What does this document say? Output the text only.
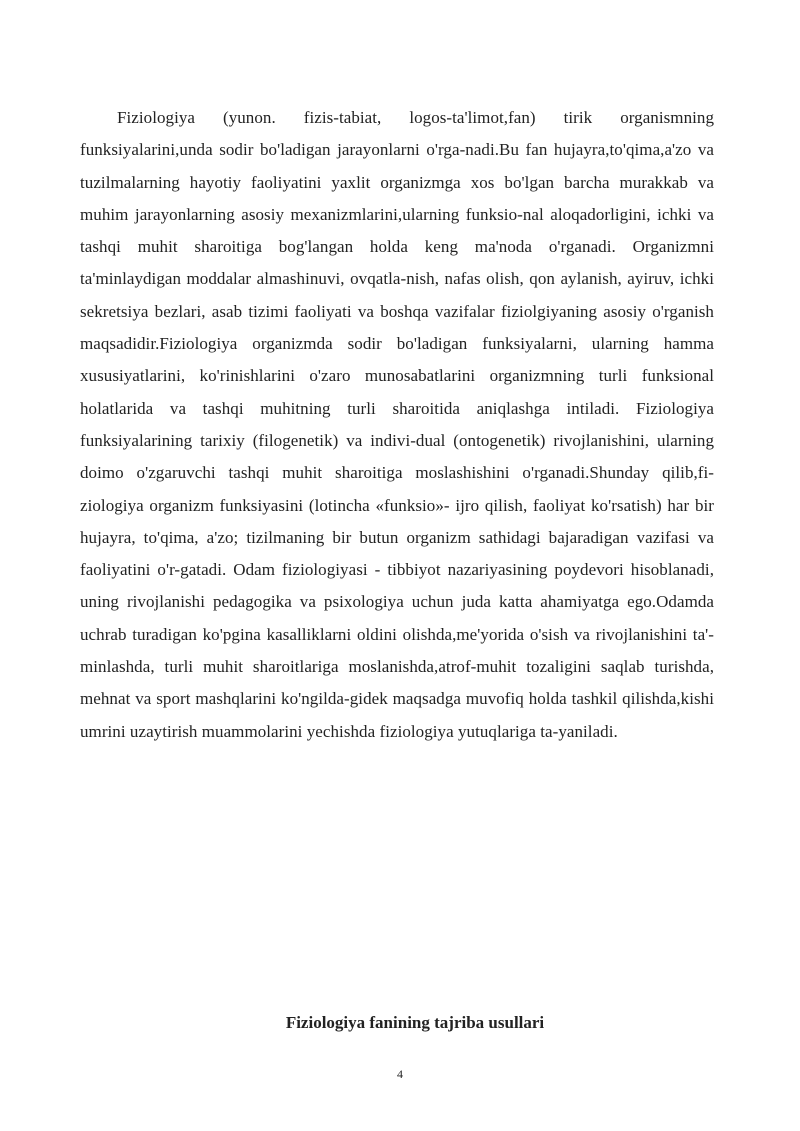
Fiziologiya (yunon. fizis-tabiat, logos-ta'limot,fan) tirik organismning funksiyalarini,unda sodir bo'ladigan jarayonlarni o'rga-nadi.Bu fan hujayra,to'qima,a'zo va tuzilmalarning hayotiy faoliyatini yaxlit organizmga xos bo'lgan barcha murakkab va muhim jarayonlarning asosiy mexanizmlarini,ularning funksio-nal aloqadorligini, ichki va tashqi muhit sharoitiga bog'langan holda keng ma'noda o'rganadi. Organizmni ta'minlaydigan moddalar almashinuvi, ovqatla-nish, nafas olish, qon aylanish, ayiruv, ichki sekretsiya bezlari, asab tizimi faoliyati va boshqa vazifalar fiziolgiyaning asosiy o'rganish maqsadidir.Fiziologiya organizmda sodir bo'ladigan funksiyalarni, ularning hamma xususiyatlarini, ko'rinishlarini o'zaro munosabatlarini organizmning turli funksional holatlarida va tashqi muhitning turli sharoitida aniqlashga intiladi. Fiziologiya funksiyalarining tarixiy (filogenetik) va indivi-dual (ontogenetik) rivojlanishini, ularning doimo o'zgaruvchi tashqi muhit sharoitiga moslashishini o'rganadi.Shunday qilib,fi-ziologiya organizm funksiyasini (lotincha «funksio»- ijro qilish, faoliyat ko'rsatish) har bir hujayra, to'qima, a'zo; tizilmaning bir butun organizm sathidagi bajaradigan vazifasi va faoliyatini o'r-gatadi. Odam fiziologiyasi - tibbiyot nazariyasining poydevori hisoblanadi, uning rivojlanishi pedagogika va psixologiya uchun juda katta ahamiyatga ego.Odamda uchrab turadigan ko'pgina kasalliklarni oldini olishda,me'yorida o'sish va rivojlanishini ta'-minlashda, turli muhit sharoitlariga moslanishda,atrof-muhit tozaligini saqlab turishda, mehnat va sport mashqlarini ko'ngilda-gidek maqsadga muvofiq holda tashkil qilishda,kishi umrini uzaytirish muammolarini yechishda fiziologiya yutuqlariga ta-yaniladi.

Fiziologiya fanining tajriba usullari
4
